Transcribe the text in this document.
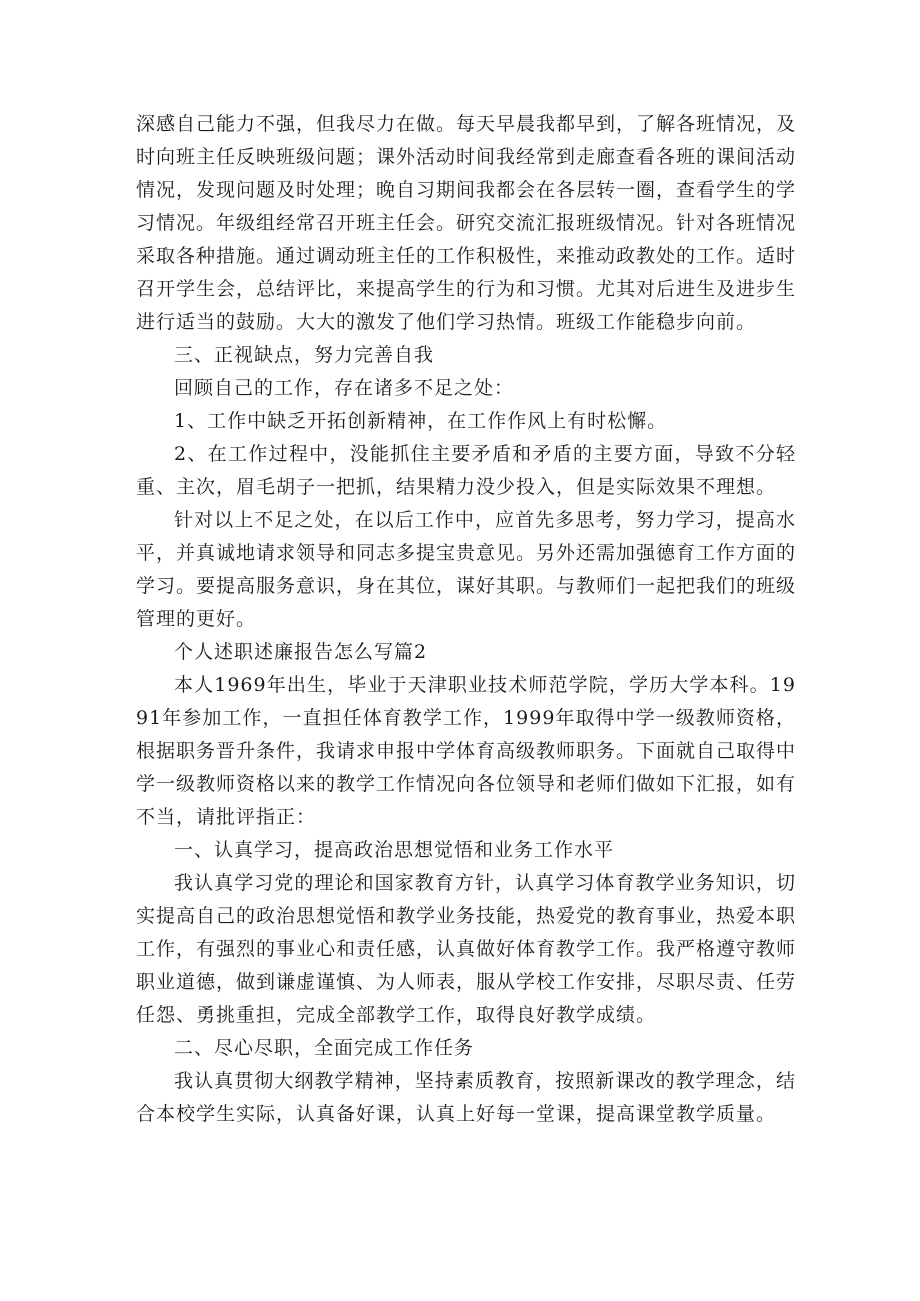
深感自己能力不强，但我尽力在做。每天早晨我都早到，了解各班情况，及时向班主任反映班级问题；课外活动时间我经常到走廊查看各班的课间活动情况，发现问题及时处理；晚自习期间我都会在各层转一圈，查看学生的学习情况。年级组经常召开班主任会。研究交流汇报班级情况。针对各班情况采取各种措施。通过调动班主任的工作积极性，来推动政教处的工作。适时召开学生会，总结评比，来提高学生的行为和习惯。尤其对后进生及进步生进行适当的鼓励。大大的激发了他们学习热情。班级工作能稳步向前。

三、正视缺点，努力完善自我

回顾自己的工作，存在诸多不足之处：

1、工作中缺乏开拓创新精神，在工作作风上有时松懈。

2、在工作过程中，没能抓住主要矛盾和矛盾的主要方面，导致不分轻重、主次，眉毛胡子一把抓，结果精力没少投入，但是实际效果不理想。

针对以上不足之处，在以后工作中，应首先多思考，努力学习，提高水平，并真诚地请求领导和同志多提宝贵意见。另外还需加强德育工作方面的学习。要提高服务意识，身在其位，谋好其职。与教师们一起把我们的班级管理的更好。

个人述职述廉报告怎么写篇2

本人1969年出生，毕业于天津职业技术师范学院，学历大学本科。1991年参加工作，一直担任体育教学工作，1999年取得中学一级教师资格，根据职务晋升条件，我请求申报中学体育高级教师职务。下面就自己取得中学一级教师资格以来的教学工作情况向各位领导和老师们做如下汇报，如有不当，请批评指正：

一、认真学习，提高政治思想觉悟和业务工作水平

我认真学习党的理论和国家教育方针，认真学习体育教学业务知识，切实提高自己的政治思想觉悟和教学业务技能，热爱党的教育事业，热爱本职工作，有强烈的事业心和责任感，认真做好体育教学工作。我严格遵守教师职业道德，做到谦虚谨慎、为人师表，服从学校工作安排，尽职尽责、任劳任怨、勇挑重担，完成全部教学工作，取得良好教学成绩。

二、尽心尽职，全面完成工作任务

我认真贯彻大纲教学精神，坚持素质教育，按照新课改的教学理念，结合本校学生实际，认真备好课，认真上好每一堂课，提高课堂教学质量。
